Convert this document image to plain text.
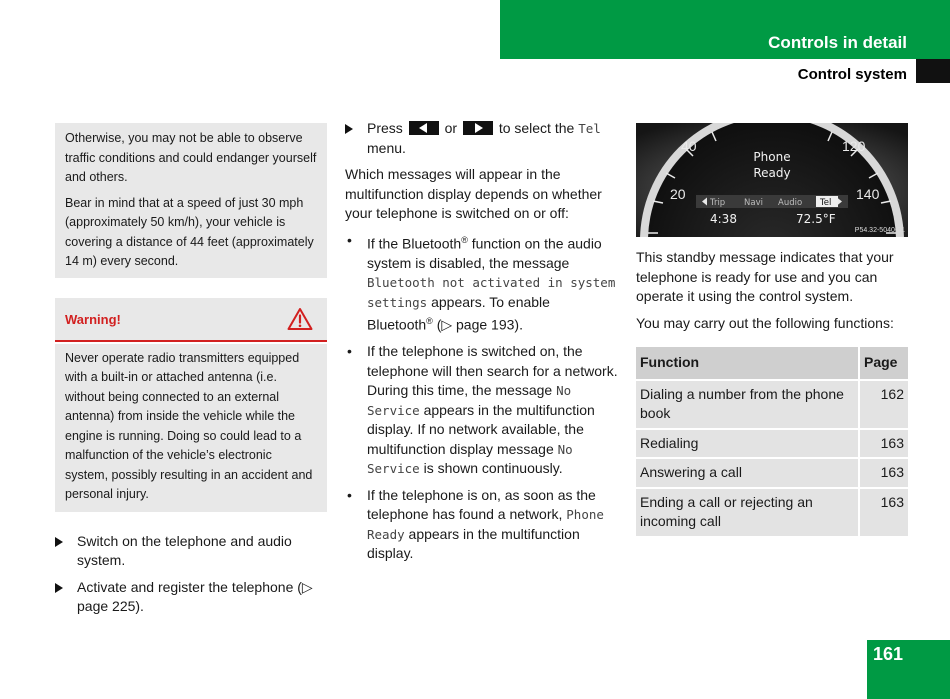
Controls in detail
Control system

Otherwise, you may not be able to observe traffic conditions and could endanger yourself and others.

Bear in mind that at a speed of just 30 mph (approximately 50 km/h), your vehicle is covering a distance of 44 feet (approximately 14 m) every second.

Warning!
Never operate radio transmitters equipped with a built-in or attached antenna (i.e. without being connected to an external antenna) from inside the vehicle while the engine is running. Doing so could lead to a malfunction of the vehicle’s electronic system, possibly resulting in an accident and personal injury.
Switch on the telephone and audio system.
Activate and register the telephone (▷ page 225).
Press	or	to select the Tel menu.
Which messages will appear in the multifunction display depends on whether your telephone is switched on or off:
• If the Bluetooth® function on the audio system is disabled, the message Bluetooth not activated in system settings appears. To enable Bluetooth® (▷ page 193).
• If the telephone is switched on, the telephone will then search for a network. During this time, the message No Service appears in the multifunction display. If no network available, the multifunction display message No Service is shown continuously.
• If the telephone is on, as soon as the telephone has found a network, Phone Ready appears in the multifunction display.
40
20
120
140
Phone
Ready
Trip Navi Audio Tel
4:38	72.5°F
P54.32-5040-31
This standby message indicates that your telephone is ready for use and you can operate it using the control system.
You may carry out the following functions:
Function	Page
Dialing a number from the phone book	162
Redialing	163
Answering a call	163
Ending a call or rejecting an incoming call	163
161
